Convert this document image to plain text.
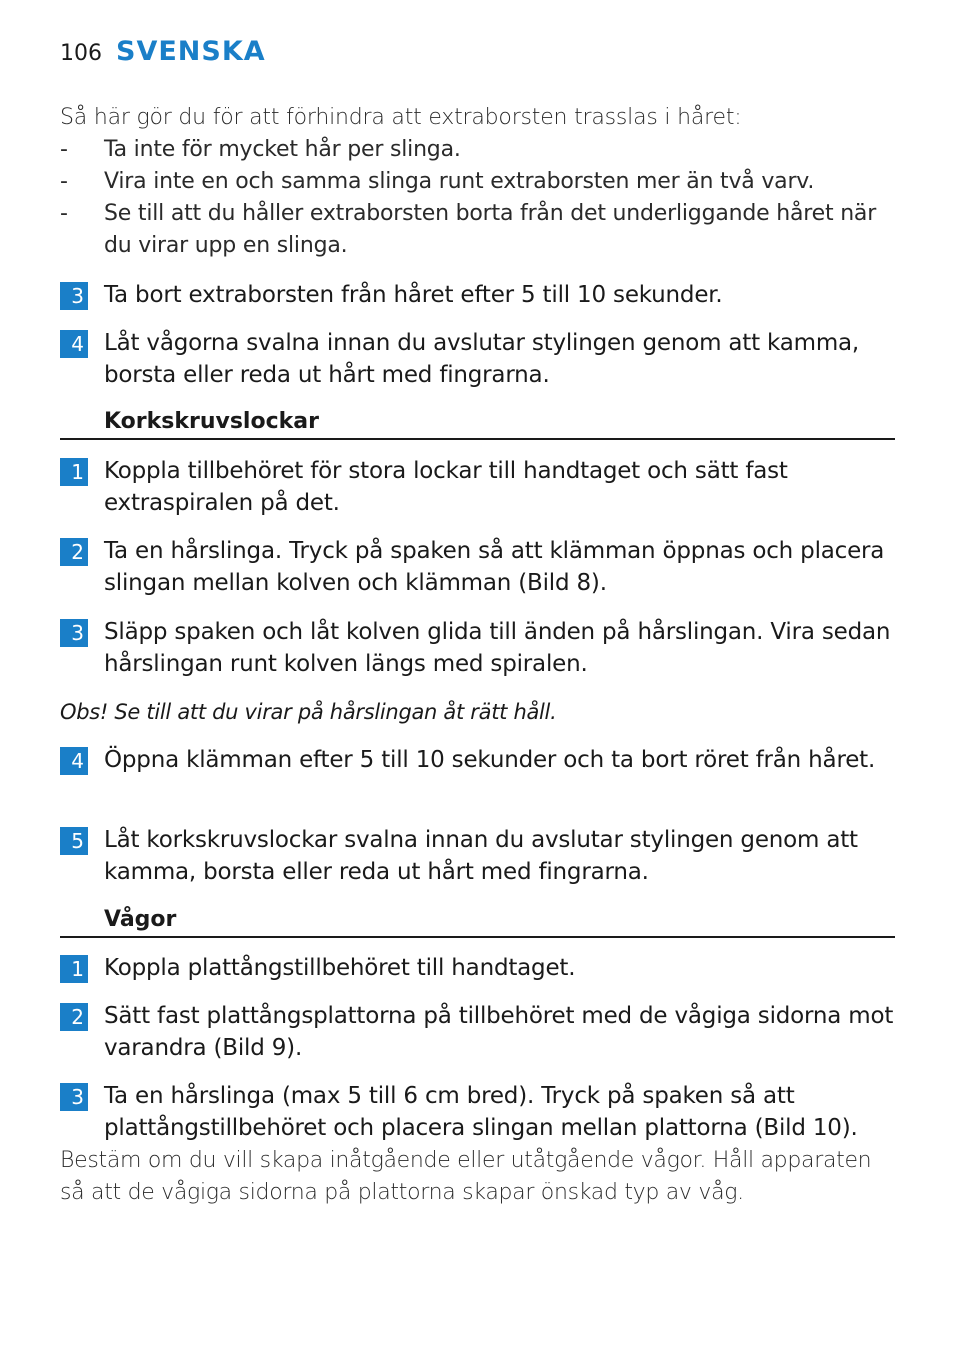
106 SVENSKA
Så här gör du för att förhindra att extraborsten trasslas i håret:
- Ta inte för mycket hår per slinga.
- Vira inte en och samma slinga runt extraborsten mer än två varv.
- Se till att du håller extraborsten borta från det underliggande håret när du virar upp en slinga.
3 Ta bort extraborsten från håret efter 5 till 10 sekunder.
4 Låt vågorna svalna innan du avslutar stylingen genom att kamma, borsta eller reda ut hårt med fingrarna.
Korkskruvslockar
1 Koppla tillbehöret för stora lockar till handtaget och sätt fast extraspiralen på det.
2 Ta en hårslinga. Tryck på spaken så att klämman öppnas och placera slingan mellan kolven och klämman (Bild 8).
3 Släpp spaken och låt kolven glida till änden på hårslingan. Vira sedan hårslingan runt kolven längs med spiralen.
Obs! Se till att du virar på hårslingan åt rätt håll.
4 Öppna klämman efter 5 till 10 sekunder och ta bort röret från håret.
5 Låt korkskruvslockar svalna innan du avslutar stylingen genom att kamma, borsta eller reda ut hårt med fingrarna.
Vågor
1 Koppla plattångstillbehöret till handtaget.
2 Sätt fast plattångsplattorna på tillbehöret med de vågiga sidorna mot varandra (Bild 9).
3 Ta en hårslinga (max 5 till 6 cm bred). Tryck på spaken så att plattångstillbehöret och placera slingan mellan plattorna (Bild 10).
Bestäm om du vill skapa inåtgående eller utåtgående vågor. Håll apparaten så att de vågiga sidorna på plattorna skapar önskad typ av våg.
